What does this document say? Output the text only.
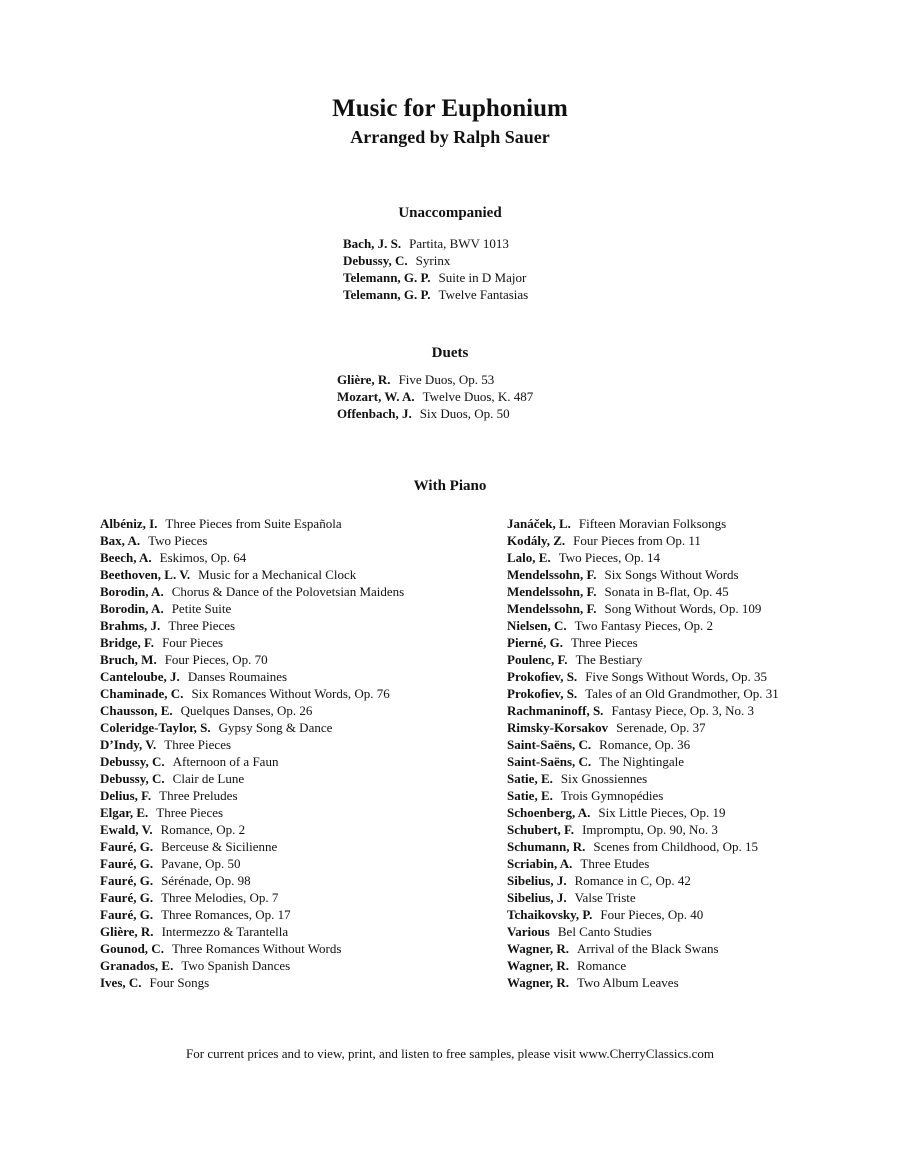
Music for Euphonium
Arranged by Ralph Sauer
Unaccompanied
Bach, J. S. Partita, BWV 1013
Debussy, C. Syrinx
Telemann, G. P. Suite in D Major
Telemann, G. P. Twelve Fantasias
Duets
Glière, R. Five Duos, Op. 53
Mozart, W. A. Twelve Duos, K. 487
Offenbach, J. Six Duos, Op. 50
With Piano
Albéniz, I. Three Pieces from Suite Española
Bax, A. Two Pieces
Beech, A. Eskimos, Op. 64
Beethoven, L. V. Music for a Mechanical Clock
Borodin, A. Chorus & Dance of the Polovetsian Maidens
Borodin, A. Petite Suite
Brahms, J. Three Pieces
Bridge, F. Four Pieces
Bruch, M. Four Pieces, Op. 70
Canteloube, J. Danses Roumaines
Chaminade, C. Six Romances Without Words, Op. 76
Chausson, E. Quelques Danses, Op. 26
Coleridge-Taylor, S. Gypsy Song & Dance
D’Indy, V. Three Pieces
Debussy, C. Afternoon of a Faun
Debussy, C. Clair de Lune
Delius, F. Three Preludes
Elgar, E. Three Pieces
Ewald, V. Romance, Op. 2
Fauré, G. Berceuse & Sicilienne
Fauré, G. Pavane, Op. 50
Fauré, G. Sérénade, Op. 98
Fauré, G. Three Melodies, Op. 7
Fauré, G. Three Romances, Op. 17
Glière, R. Intermezzo & Tarantella
Gounod, C. Three Romances Without Words
Granados, E. Two Spanish Dances
Ives, C. Four Songs
Janáček, L. Fifteen Moravian Folksongs
Kodály, Z. Four Pieces from Op. 11
Lalo, E. Two Pieces, Op. 14
Mendelssohn, F. Six Songs Without Words
Mendelssohn, F. Sonata in B-flat, Op. 45
Mendelssohn, F. Song Without Words, Op. 109
Nielsen, C. Two Fantasy Pieces, Op. 2
Pierné, G. Three Pieces
Poulenc, F. The Bestiary
Prokofiev, S. Five Songs Without Words, Op. 35
Prokofiev, S. Tales of an Old Grandmother, Op. 31
Rachmaninoff, S. Fantasy Piece, Op. 3, No. 3
Rimsky-Korsakov Serenade, Op. 37
Saint-Saëns, C. Romance, Op. 36
Saint-Saëns, C. The Nightingale
Satie, E. Six Gnossiennes
Satie, E. Trois Gymnopédies
Schoenberg, A. Six Little Pieces, Op. 19
Schubert, F. Impromptu, Op. 90, No. 3
Schumann, R. Scenes from Childhood, Op. 15
Scriabin, A. Three Etudes
Sibelius, J. Romance in C, Op. 42
Sibelius, J. Valse Triste
Tchaikovsky, P. Four Pieces, Op. 40
Various Bel Canto Studies
Wagner, R. Arrival of the Black Swans
Wagner, R. Romance
Wagner, R. Two Album Leaves
For current prices and to view, print, and listen to free samples, please visit www.CherryClassics.com
